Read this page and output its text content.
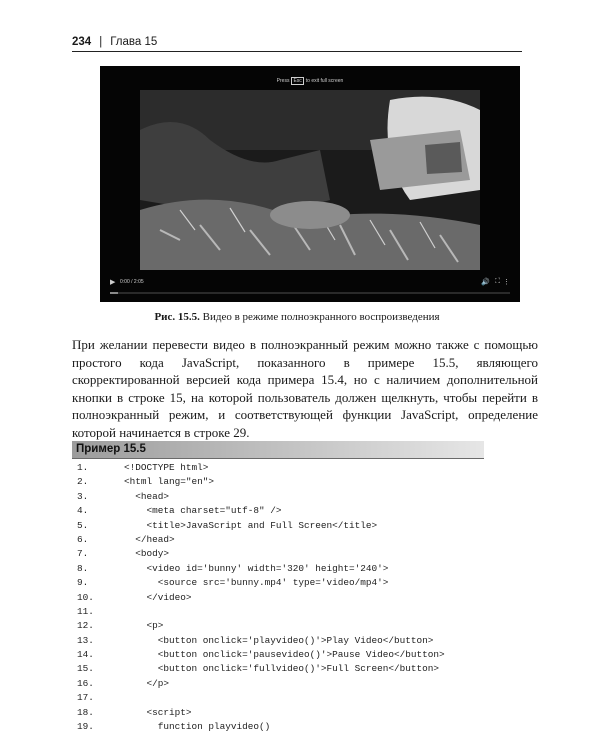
234 | Глава 15
Press Esc to exit full screen
▶ 0:00 / 2:05	🔊 ⛶ ⋮
Рис. 15.5. Видео в режиме полноэкранного воспроизведения

При желании перевести видео в полноэкранный режим можно также с помощью простого кода JavaScript, показанного в примере 15.5, являющего скорректированной версией кода примера 15.4, но с наличием дополнительной кнопки в строке 15, на которой пользователь должен щелкнуть, чтобы перейти в полноэкранный режим, и соответствующей функции JavaScript, определение которой начинается в строке 29.

Пример 15.5
1.	<!DOCTYPE html>
2.	<html lang="en">
3.	<head>
4.	<meta charset="utf-8" />
5.	<title>JavaScript and Full Screen</title>
6.	</head>
7.	<body>
8.	<video id='bunny' width='320' height='240'>
9.	<source src='bunny.mp4' type='video/mp4'>
10.	</video>
11.
12.	<p>
13.	<button onclick='playvideo()'>Play Video</button>
14.	<button onclick='pausevideo()'>Pause Video</button>
15.	<button onclick='fullvideo()'>Full Screen</button>
16.	</p>
17.
18.	<script>
19.	function playvideo()
